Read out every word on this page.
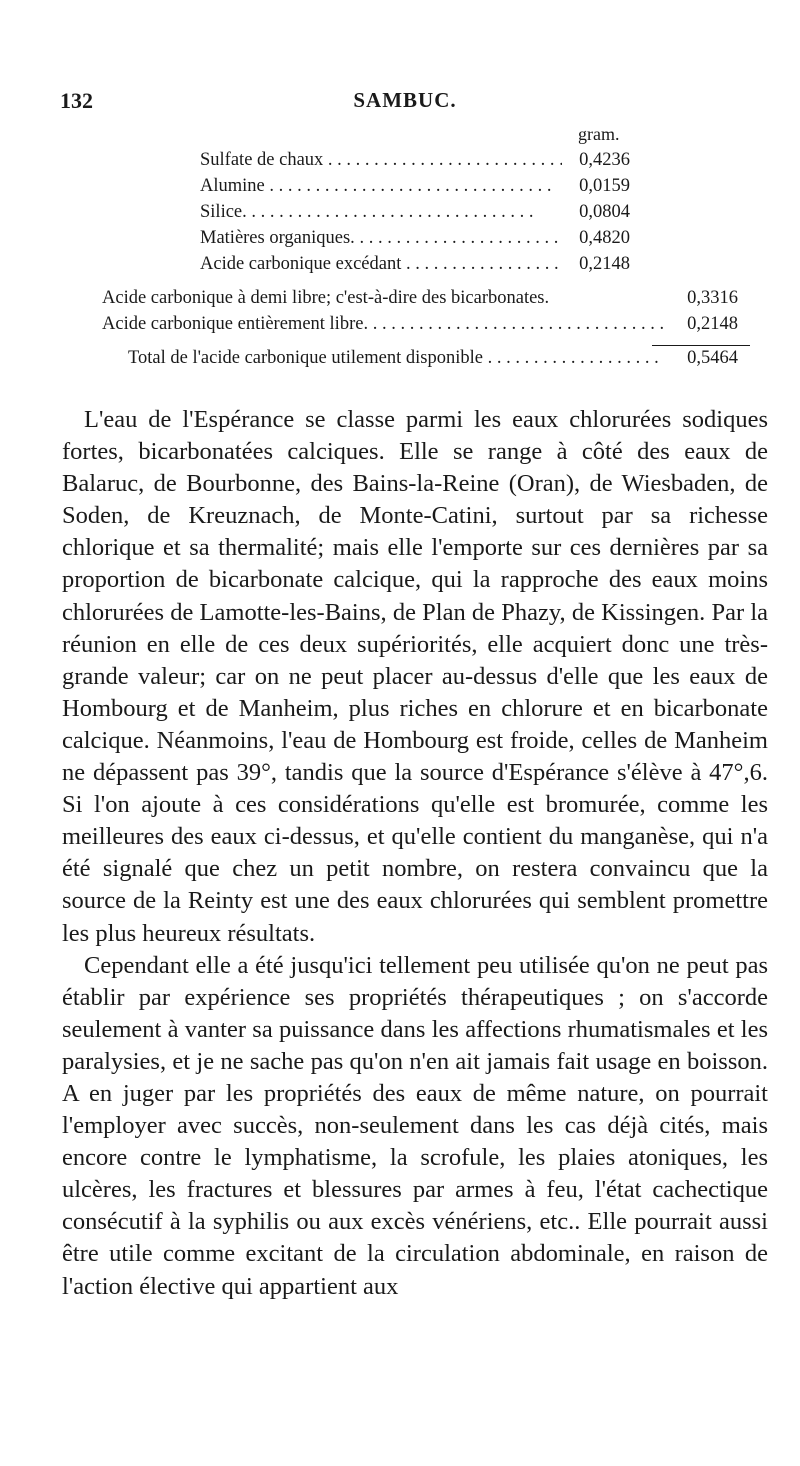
132	SAMBUC.
gram.
Sulfate de chaux . . .	0,4236
Alumine . . .	0,0159
Silice. . . .	0,0804
Matières organiques. . . .	0,4820
Acide carbonique excédant . . .	0,2148
Acide carbonique à demi libre; c'est-à-dire des bicarbonates.	0,3316
Acide carbonique entièrement libre. . . .	0,2148
Total de l'acide carbonique utilement disponible . . .	0,5464

L'eau de l'Espérance se classe parmi les eaux chlorurées sodiques fortes, bicarbonatées calciques. Elle se range à côté des eaux de Balaruc, de Bourbonne, des Bains-la-Reine (Oran), de Wiesbaden, de Soden, de Kreuznach, de Monte-Catini, surtout par sa richesse chlorique et sa thermalité; mais elle l'emporte sur ces dernières par sa proportion de bicarbonate calcique, qui la rapproche des eaux moins chlorurées de Lamotte-les-Bains, de Plan de Phazy, de Kissingen. Par la réunion en elle de ces deux supériorités, elle acquiert donc une très-grande valeur; car on ne peut placer au-dessus d'elle que les eaux de Hombourg et de Manheim, plus riches en chlorure et en bicarbonate calcique. Néanmoins, l'eau de Hombourg est froide, celles de Manheim ne dépassent pas 39°, tandis que la source d'Espérance s'élève à 47°,6. Si l'on ajoute à ces considérations qu'elle est bromurée, comme les meilleures des eaux ci-dessus, et qu'elle contient du manganèse, qui n'a été signalé que chez un petit nombre, on restera convaincu que la source de la Reinty est une des eaux chlorurées qui semblent promettre les plus heureux résultats.

Cependant elle a été jusqu'ici tellement peu utilisée qu'on ne peut pas établir par expérience ses propriétés thérapeutiques ; on s'accorde seulement à vanter sa puissance dans les affections rhumatismales et les paralysies, et je ne sache pas qu'on n'en ait jamais fait usage en boisson. A en juger par les propriétés des eaux de même nature, on pourrait l'employer avec succès, non-seulement dans les cas déjà cités, mais encore contre le lymphatisme, la scrofule, les plaies atoniques, les ulcères, les fractures et blessures par armes à feu, l'état cachectique consécutif à la syphilis ou aux excès vénériens, etc.. Elle pourrait aussi être utile comme excitant de la circulation abdominale, en raison de l'action élective qui appartient aux
